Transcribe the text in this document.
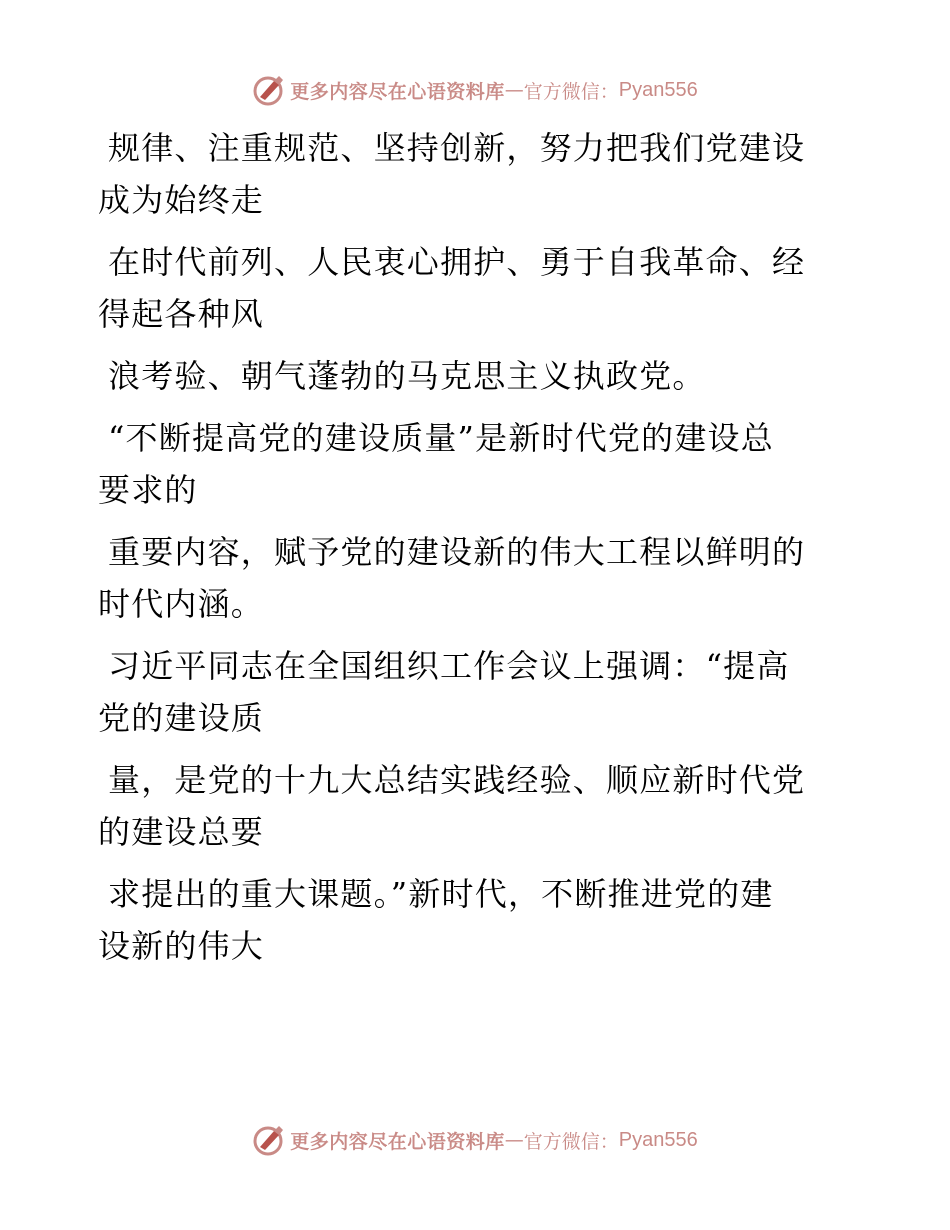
更多内容尽在心语资料库 — 官方微信： Pyan556

规律、注重规范、坚持创新，努力把我们党建设
成为始终走

在时代前列、人民衷心拥护、勇于自我革命、经
得起各种风

浪考验、朝气蓬勃的马克思主义执政党。

“不断提高党的建设质量”是新时代党的建设总
要求的

重要内容，赋予党的建设新的伟大工程以鲜明的
时代内涵。

习近平同志在全国组织工作会议上强调：“提高
党的建设质

量，是党的十九大总结实践经验、顺应新时代党
的建设总要

求提出的重大课题。”新时代，不断推进党的建
设新的伟大

更多内容尽在心语资料库 — 官方微信： Pyan556
